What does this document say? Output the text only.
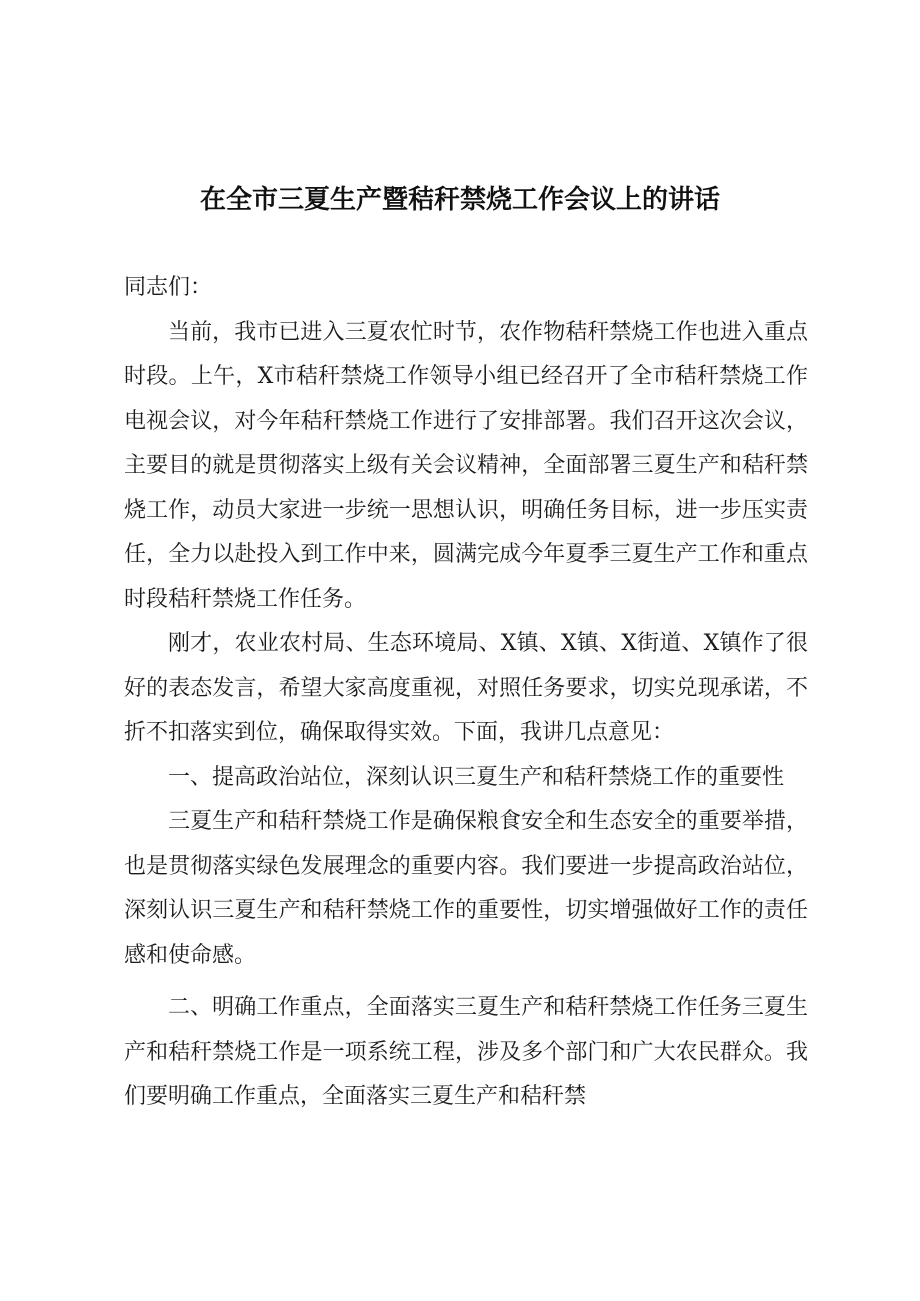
在全市三夏生产暨秸秆禁烧工作会议上的讲话

同志们：

当前，我市已进入三夏农忙时节，农作物秸秆禁烧工作也进入重点时段。上午，X市秸秆禁烧工作领导小组已经召开了全市秸秆禁烧工作电视会议，对今年秸秆禁烧工作进行了安排部署。我们召开这次会议，主要目的就是贯彻落实上级有关会议精神，全面部署三夏生产和秸秆禁烧工作，动员大家进一步统一思想认识，明确任务目标，进一步压实责任，全力以赴投入到工作中来，圆满完成今年夏季三夏生产工作和重点时段秸秆禁烧工作任务。

刚才，农业农村局、生态环境局、X镇、X镇、X街道、X镇作了很好的表态发言，希望大家高度重视，对照任务要求，切实兑现承诺，不折不扣落实到位，确保取得实效。下面，我讲几点意见：

一、提高政治站位，深刻认识三夏生产和秸秆禁烧工作的重要性

三夏生产和秸秆禁烧工作是确保粮食安全和生态安全的重要举措，也是贯彻落实绿色发展理念的重要内容。我们要进一步提高政治站位，深刻认识三夏生产和秸秆禁烧工作的重要性，切实增强做好工作的责任感和使命感。

二、明确工作重点，全面落实三夏生产和秸秆禁烧工作任务三夏生产和秸秆禁烧工作是一项系统工程，涉及多个部门和广大农民群众。我们要明确工作重点，全面落实三夏生产和秸秆禁
